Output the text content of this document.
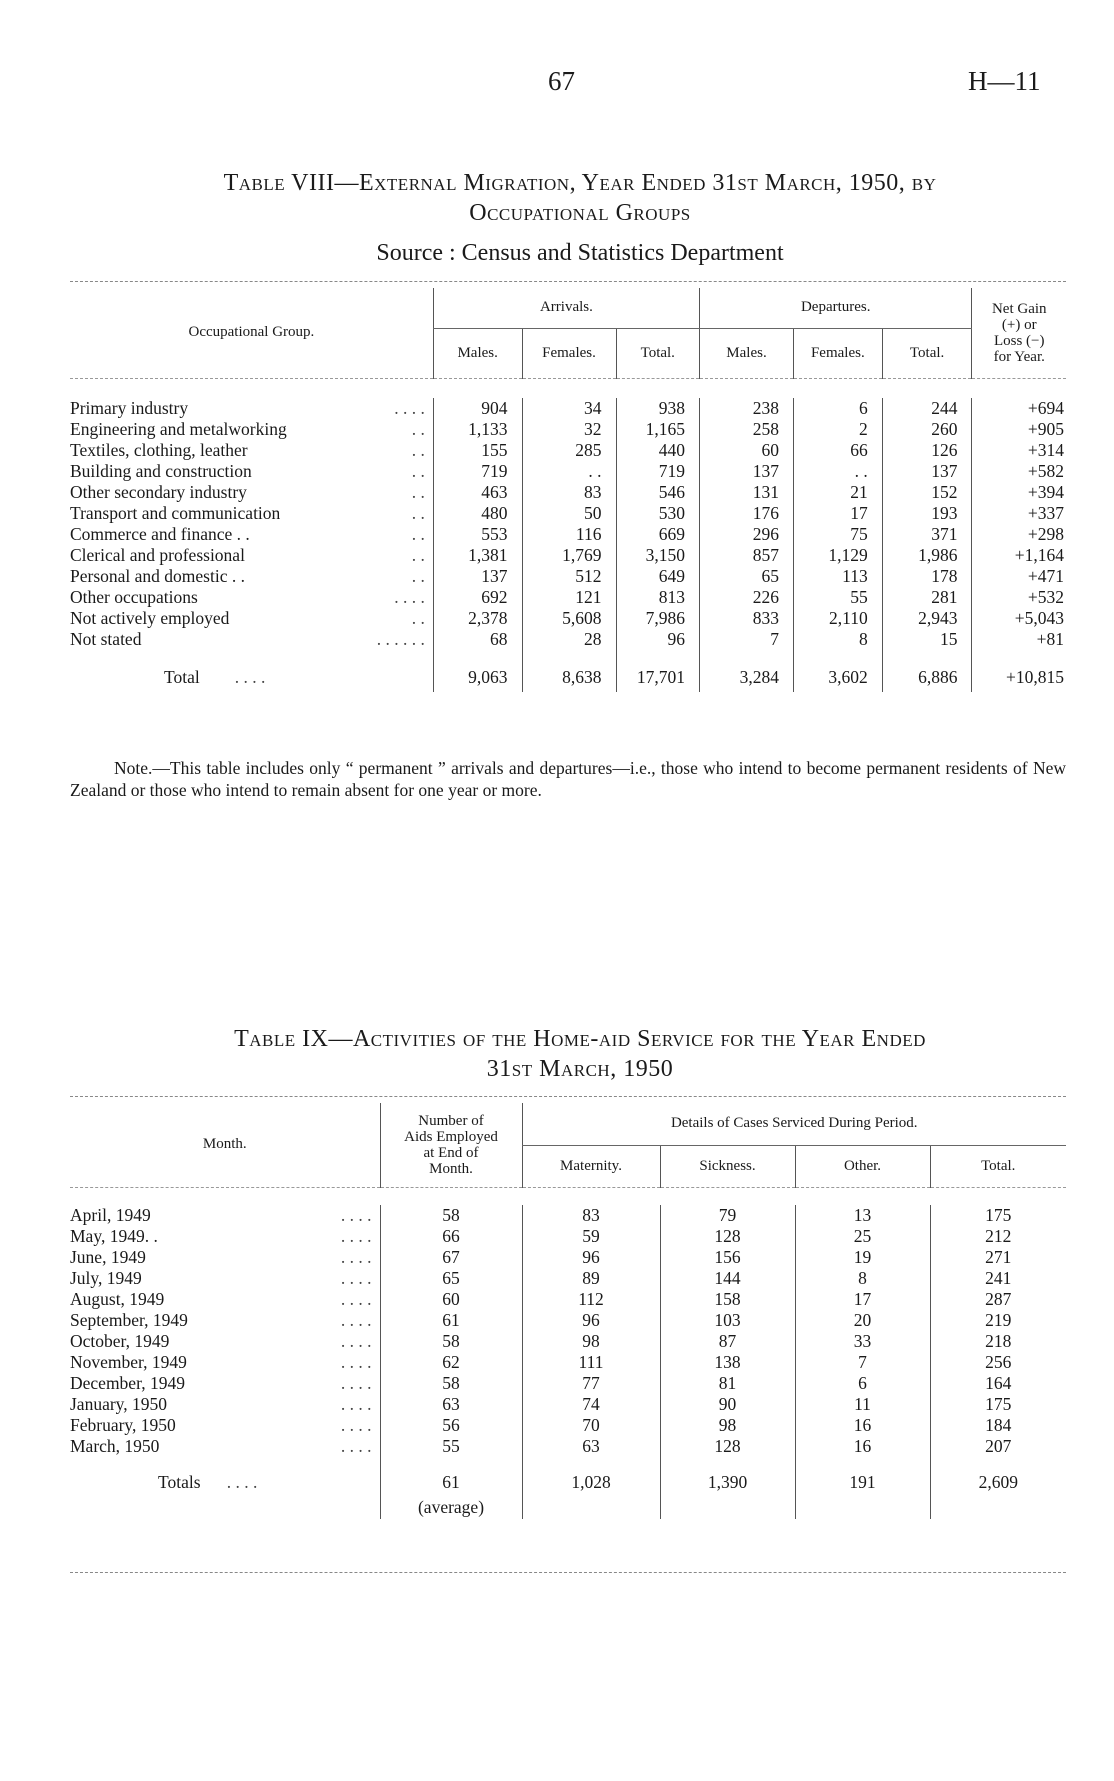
67	H—11
Table VIII—External Migration, Year Ended 31st March, 1950, by
Occupational Groups
Source : Census and Statistics Department
Occupational Group.	Arrivals.			Departures.			Net Gain
(+) or
Loss (−)
for Year.

	Males.	Females.	Total.	Males.	Females.	Total.	

Primary industry . . . .	904	34	938	238	6	244	+694
Engineering and metalworking . .	1,133	32	1,165	258	2	260	+905
Textiles, clothing, leather . .	155	285	440	60	66	126	+314
Building and construction . .	719	. .	719	137	. .	137	+582
Other secondary industry . .	463	83	546	131	21	152	+394
Transport and communication . .	480	50	530	176	17	193	+337
Commerce and finance . . . .	553	116	669	296	75	371	+298
Clerical and professional . .	1,381	1,769	3,150	857	1,129	1,986	+1,164
Personal and domestic . . . .	137	512	649	65	113	178	+471
Other occupations . . . .	692	121	813	226	55	281	+532
Not actively employed . .	2,378	5,608	7,986	833	2,110	2,943	+5,043
Not stated . . . . . .	68	28	96	7	8	15	+81

Total . . . .	9,063	8,638	17,701	3,284	3,602	6,886	+10,815
Note.—This table includes only “ permanent ” arrivals and departures—i.e., those who intend to become permanent residents of New Zealand or those who intend to remain absent for one year or more.
Table IX—Activities of the Home-aid Service for the Year Ended
31st March, 1950
Month.	Number of
Aids Employed
at End of
Month.	Details of Cases Serviced During Period.			
		Maternity.	Sickness.	Other.	Total.

April, 1949 . . . .	58	83	79	13	175
May, 1949. . . . . .	66	59	128	25	212
June, 1949 . . . .	67	96	156	19	271
July, 1949 . . . .	65	89	144	8	241
August, 1949 . . . .	60	112	158	17	287
September, 1949 . . . .	61	96	103	20	219
October, 1949 . . . .	58	98	87	33	218
November, 1949 . . . .	62	111	138	7	256
December, 1949 . . . .	58	77	81	6	164
January, 1950 . . . .	63	74	90	11	175
February, 1950 . . . .	56	70	98	16	184
March, 1950 . . . .	55	63	128	16	207

Totals . . . .	61	1,028	1,390	191	2,609
	(average)				
